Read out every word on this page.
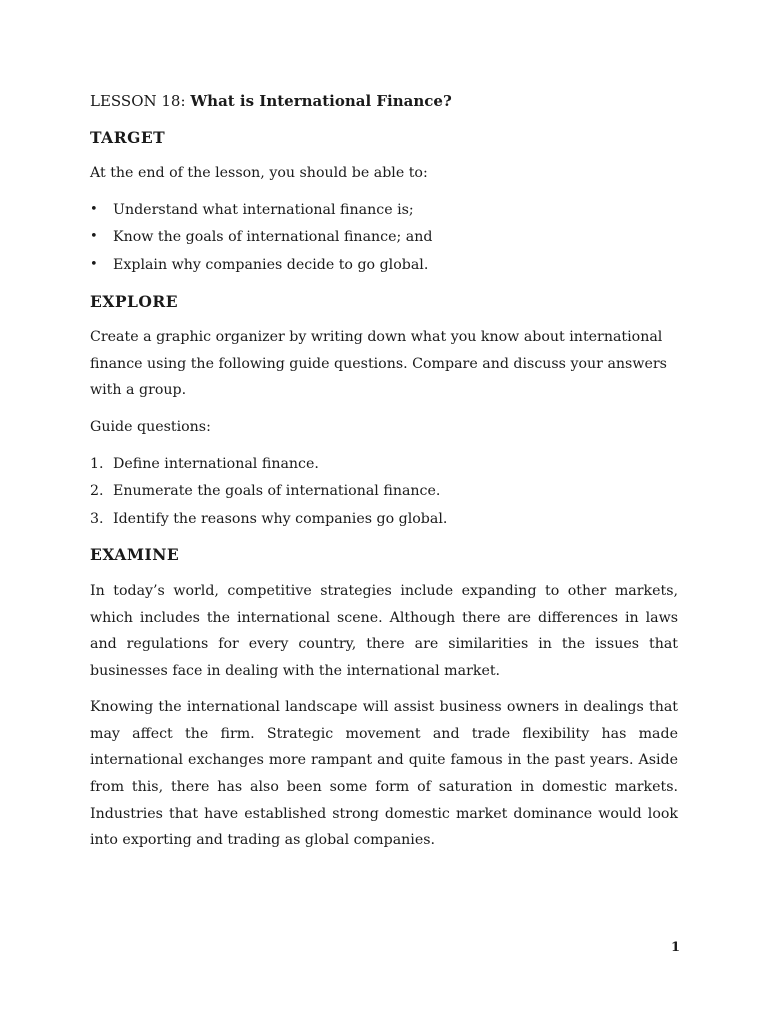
LESSON 18: What is International Finance?

TARGET

At the end of the lesson, you should be able to:

• Understand what international finance is;
• Know the goals of international finance; and
• Explain why companies decide to go global.

EXPLORE

Create a graphic organizer by writing down what you know about international finance using the following guide questions. Compare and discuss your answers with a group.

Guide questions:

1. Define international finance.
2. Enumerate the goals of international finance.
3. Identify the reasons why companies go global.

EXAMINE

In today’s world, competitive strategies include expanding to other markets, which includes the international scene. Although there are differences in laws and regulations for every country, there are similarities in the issues that businesses face in dealing with the international market.

Knowing the international landscape will assist business owners in dealings that may affect the firm. Strategic movement and trade flexibility has made international exchanges more rampant and quite famous in the past years. Aside from this, there has also been some form of saturation in domestic markets. Industries that have established strong domestic market dominance would look into exporting and trading as global companies.

1
